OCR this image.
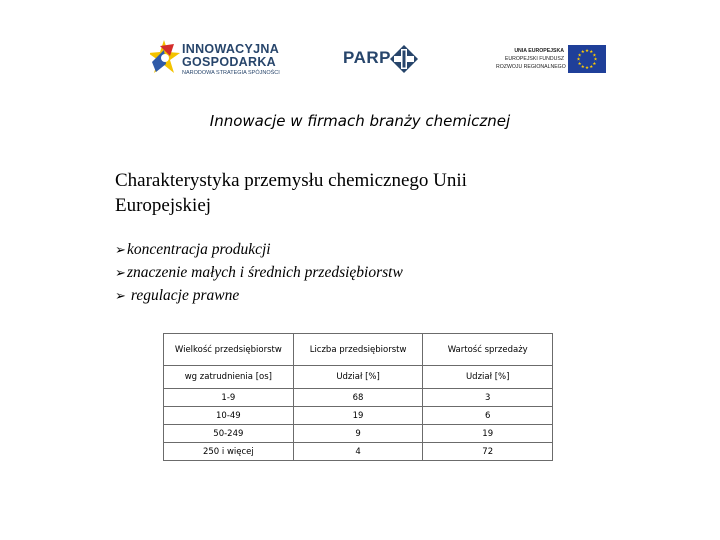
INNOWACYJNA
GOSPODARKA
NARODOWA STRATEGIA SPÓJNOŚCI
PARP	UNIA EUROPEJSKA
EUROPEJSKI FUNDUSZ
ROZWOJU REGIONALNEGO
★ ★
★
★
★
★
★
★
★
★
★
★
Innowacje w firmach branży chemicznej
Charakterystyka przemysłu chemicznego Unii Europejskiej
➢koncentracja produkcji
➢znaczenie małych i średnich przedsiębiorstw
➢ regulacje prawne
Wielkość przedsiębiorstw	Liczba przedsiębiorstw	Wartość sprzedaży
wg zatrudnienia [os]	Udział [%]	Udział [%]
1-9	68	3
10-49	19	6
50-249	9	19
250 i więcej	4	72
